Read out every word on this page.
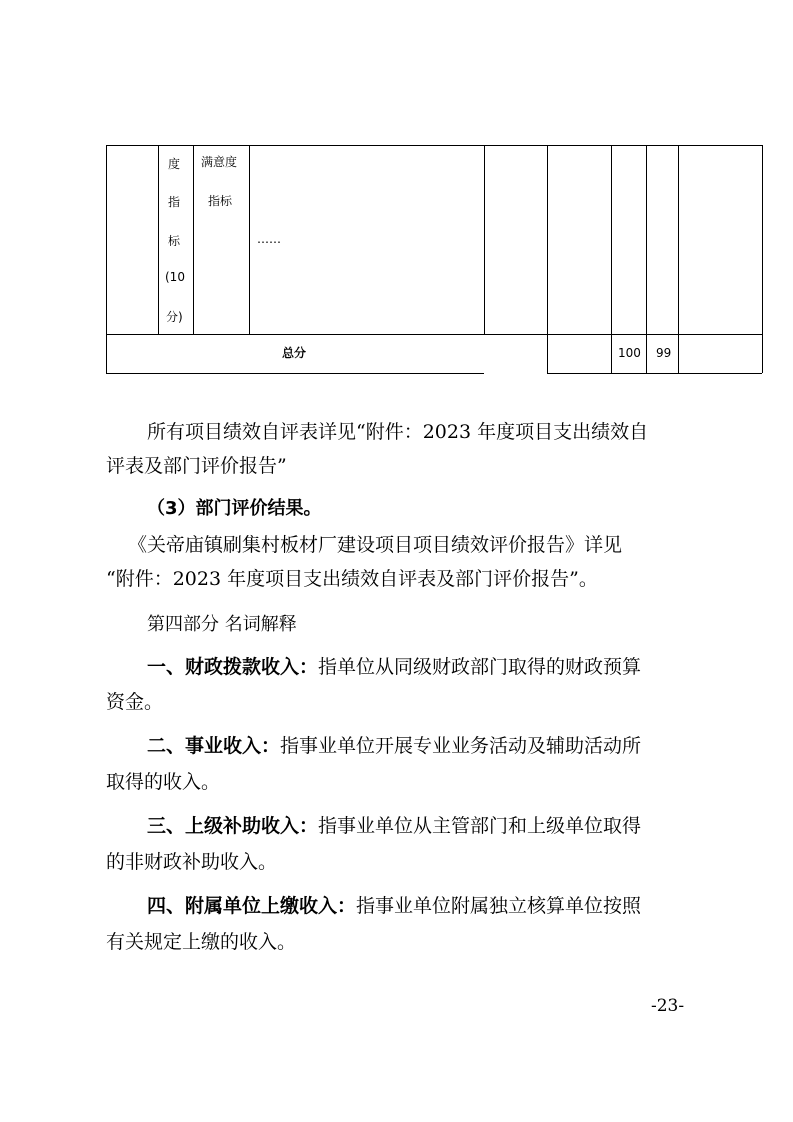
度
指
标
(10
分)
满意度
指标
……
总分	100 99
所有项目绩效自评表详见“附件：2023 年度项目支出绩效自
评表及部门评价报告”
（3）部门评价结果。
《关帝庙镇刷集村板材厂建设项目项目绩效评价报告》详见
“附件：2023 年度项目支出绩效自评表及部门评价报告”。
第四部分 名词解释
一、财政拨款收入：指单位从同级财政部门取得的财政预算
资金。
二、事业收入：指事业单位开展专业业务活动及辅助活动所
取得的收入。
三、上级补助收入：指事业单位从主管部门和上级单位取得
的非财政补助收入。
四、附属单位上缴收入：指事业单位附属独立核算单位按照
有关规定上缴的收入。
-23-
